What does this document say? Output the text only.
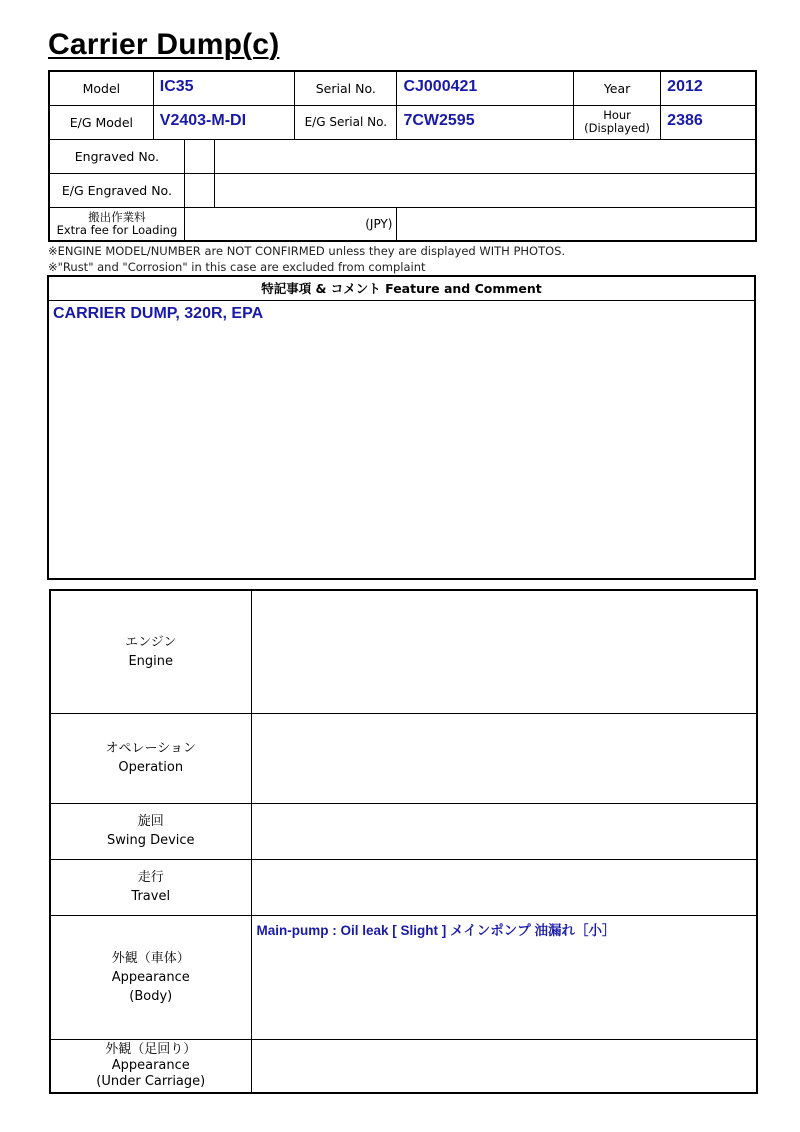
Carrier Dump(c)
Model	IC35		Serial No.	CJ000421	Year	2012
E/G Model	V2403-M-DI		E/G Serial No.	7CW2595	Hour
(Displayed)	2386
Engraved No.						

E/G Engraved No.						

搬出作業料
Extra fee for Loading		(JPY)				
※ENGINE MODEL/NUMBER are NOT CONFIRMED unless they are displayed WITH PHOTOS.
※"Rust" and "Corrosion" in this case are excluded from complaint
特記事項 & コメント Feature and Comment
CARRIER DUMP, 320R, EPA
エンジン
Engine	

オペレーション
Operation	

旋回
Swing Device	

走行
Travel	

外観（車体）
Appearance
(Body)	Main-pump : Oil leak [ Slight ] メインポンプ 油漏れ［小］

外観（足回り）
Appearance
(Under Carriage)	
